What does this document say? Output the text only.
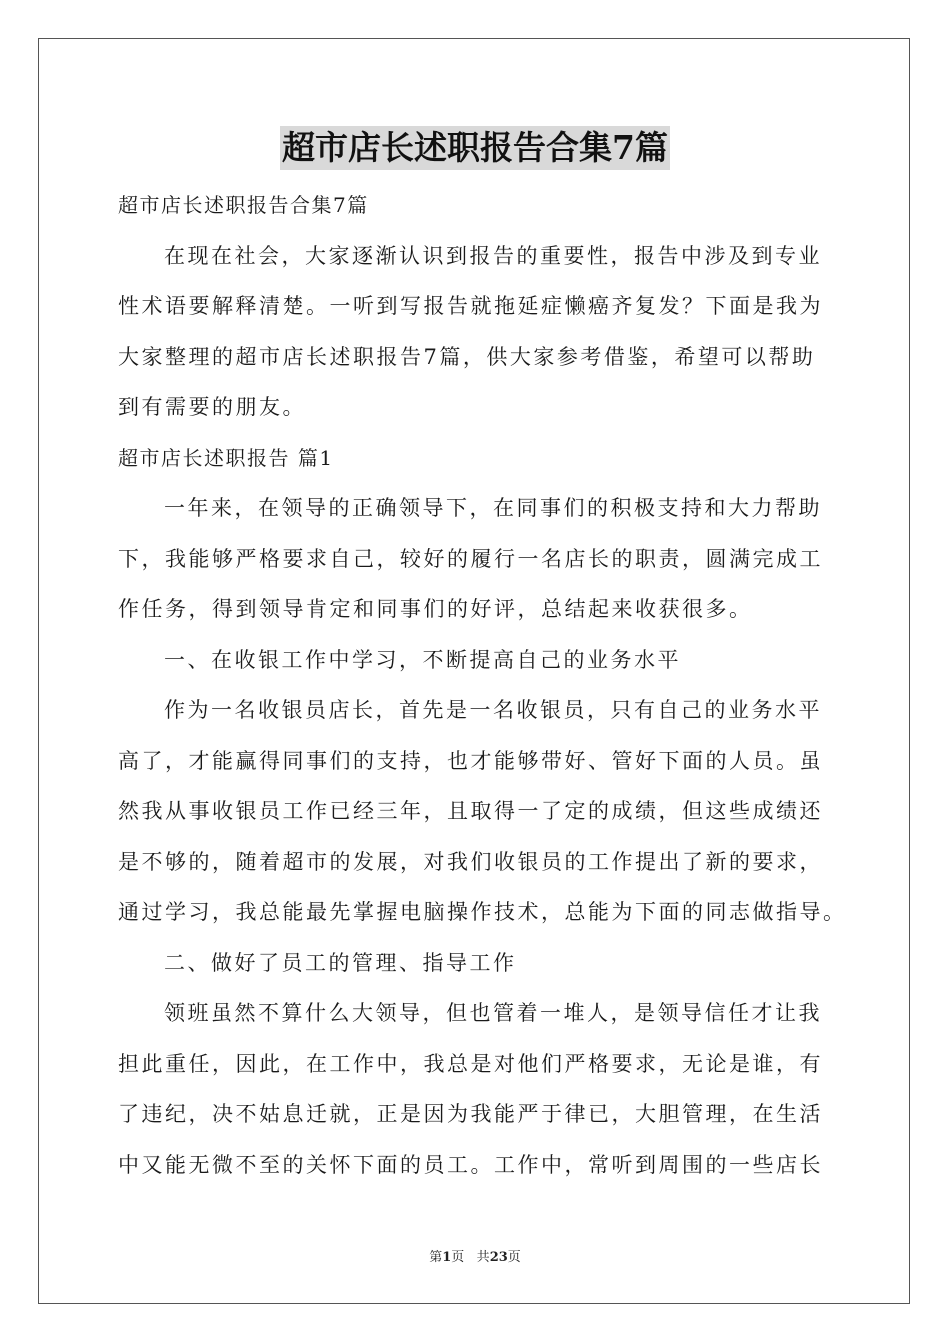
超市店长述职报告合集7篇
超市店长述职报告合集7篇
在现在社会，大家逐渐认识到报告的重要性，报告中涉及到专业
性术语要解释清楚。一听到写报告就拖延症懒癌齐复发？下面是我为
大家整理的超市店长述职报告7篇，供大家参考借鉴，希望可以帮助
到有需要的朋友。
超市店长述职报告 篇1
一年来，在领导的正确领导下，在同事们的积极支持和大力帮助
下，我能够严格要求自己，较好的履行一名店长的职责，圆满完成工
作任务，得到领导肯定和同事们的好评，总结起来收获很多。
一、在收银工作中学习，不断提高自己的业务水平
作为一名收银员店长，首先是一名收银员，只有自己的业务水平
高了，才能赢得同事们的支持，也才能够带好、管好下面的人员。虽
然我从事收银员工作已经三年，且取得一了定的成绩，但这些成绩还
是不够的，随着超市的发展，对我们收银员的工作提出了新的要求，
通过学习，我总能最先掌握电脑操作技术，总能为下面的同志做指导。
二、做好了员工的管理、指导工作
领班虽然不算什么大领导，但也管着一堆人，是领导信任才让我
担此重任，因此，在工作中，我总是对他们严格要求，无论是谁，有
了违纪，决不姑息迁就，正是因为我能严于律已，大胆管理，在生活
中又能无微不至的关怀下面的员工。工作中，常听到周围的一些店长
第1页 共23页
